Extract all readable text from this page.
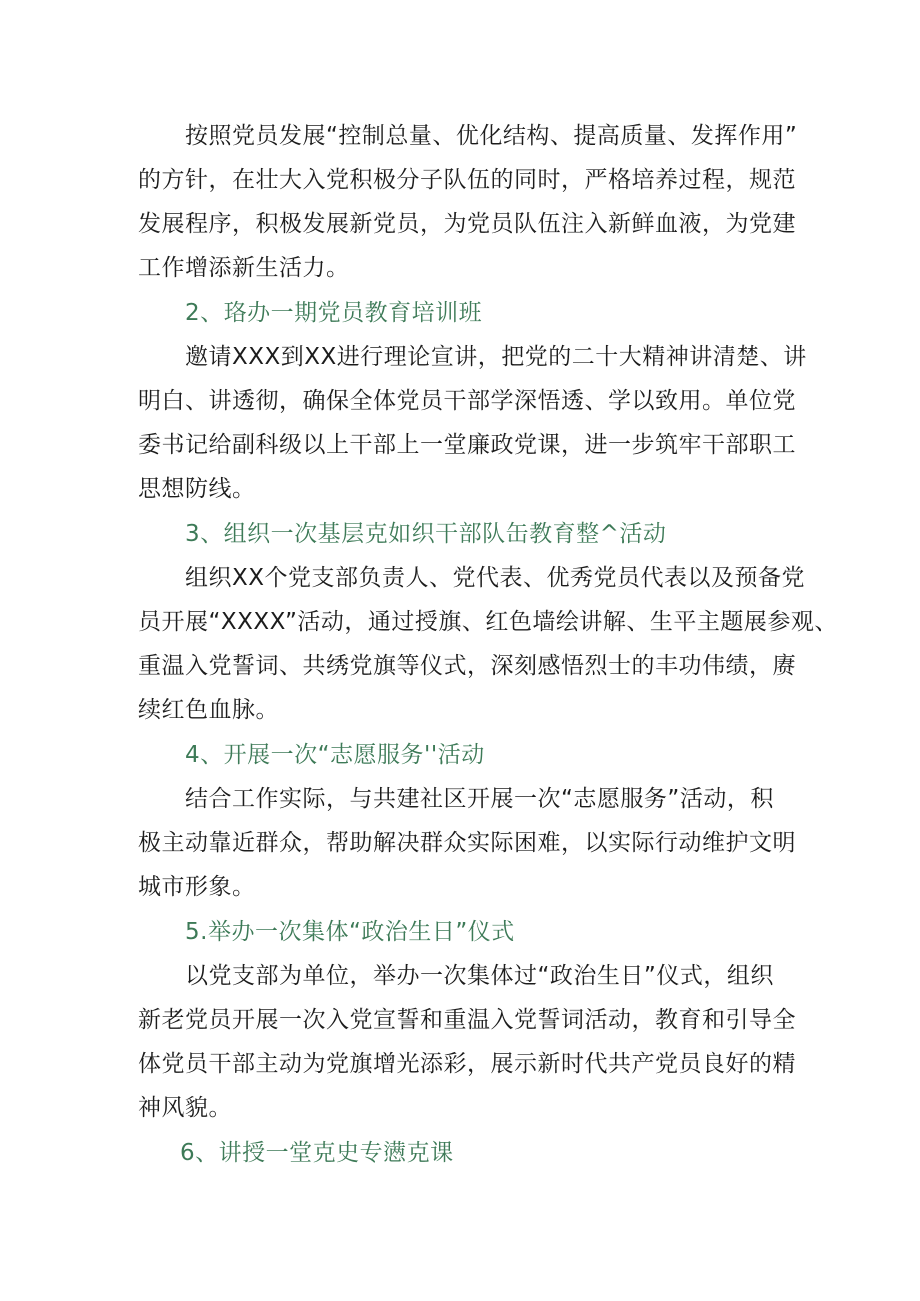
按照党员发展“控制总量、优化结构、提高质量、发挥作用”
的方针，在壮大入党积极分子队伍的同时，严格培养过程，规范
发展程序，积极发展新党员，为党员队伍注入新鲜血液，为党建
工作增添新生活力。
2、珞办一期党员教育培训班
邀请XXX到XX进行理论宣讲，把党的二十大精神讲清楚、讲
明白、讲透彻，确保全体党员干部学深悟透、学以致用。单位党
委书记给副科级以上干部上一堂廉政党课，进一步筑牢干部职工
思想防线。
3、组织一次基层克如织干部队缶教育整^活动
组织XX个党支部负责人、党代表、优秀党员代表以及预备党
员开展“XXXX”活动，通过授旗、红色墙绘讲解、生平主题展参观、
重温入党誓词、共绣党旗等仪式，深刻感悟烈士的丰功伟绩，赓
续红色血脉。
4、开展一次“志愿服务''活动
结合工作实际，与共建社区开展一次“志愿服务”活动，积
极主动靠近群众，帮助解决群众实际困难，以实际行动维护文明
城市形象。
5.举办一次集体“政治生日”仪式
以党支部为单位，举办一次集体过“政治生日”仪式，组织
新老党员开展一次入党宣誓和重温入党誓词活动，教育和引导全
体党员干部主动为党旗增光添彩，展示新时代共产党员良好的精
神风貌。
6、讲授一堂克史专懑克课
